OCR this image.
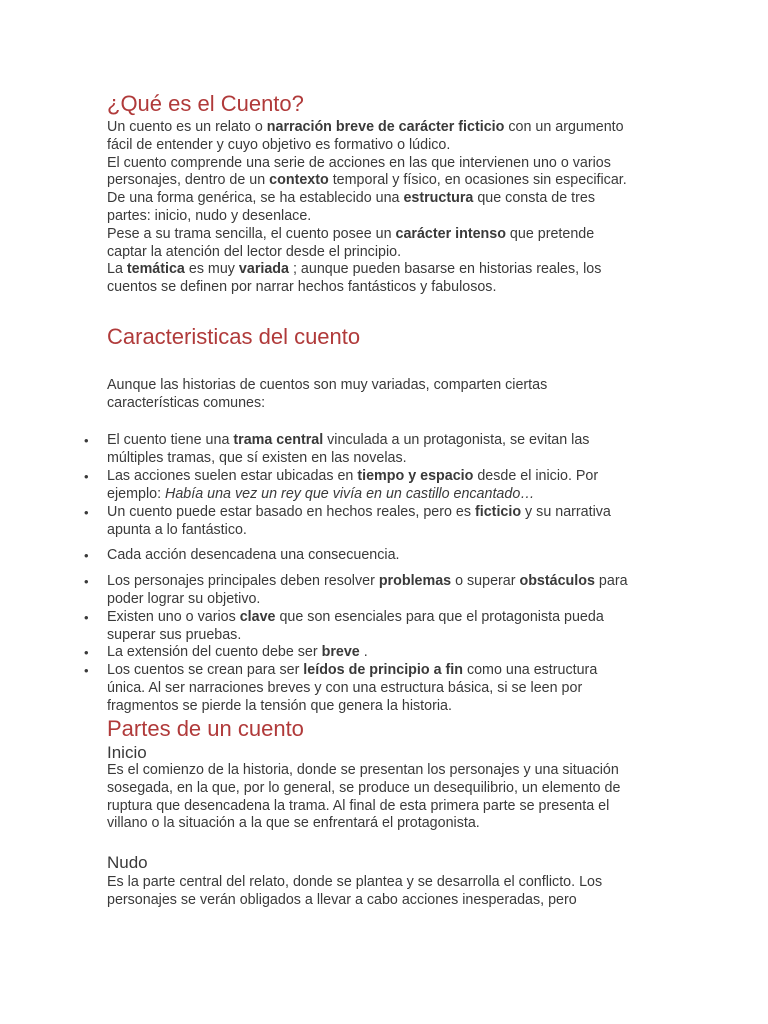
¿Qué es el Cuento?

Un cuento es un relato o narración breve de carácter ficticio con un argumento

fácil de entender y cuyo objetivo es formativo o lúdico.

El cuento comprende una serie de acciones en las que intervienen uno o varios

personajes, dentro de un contexto temporal y físico, en ocasiones sin especificar.

De una forma genérica, se ha establecido una estructura que consta de tres

partes: inicio, nudo y desenlace.

Pese a su trama sencilla, el cuento posee un carácter intenso que pretende

captar la atención del lector desde el principio.

La temática es muy variada ; aunque pueden basarse en historias reales, los

cuentos se definen por narrar hechos fantásticos y fabulosos.

Caracteristicas del cuento

Aunque las historias de cuentos son muy variadas, comparten ciertas

características comunes:

•	El cuento tiene una trama central vinculada a un protagonista, se evitan las

múltiples tramas, que sí existen en las novelas.

•	Las acciones suelen estar ubicadas en tiempo y espacio desde el inicio. Por

ejemplo: Había una vez un rey que vivía en un castillo encantado…

•	Un cuento puede estar basado en hechos reales, pero es ficticio y su narrativa

apunta a lo fantástico.

•	Cada acción desencadena una consecuencia.

•	Los personajes principales deben resolver problemas o superar obstáculos para

poder lograr su objetivo.

•	Existen uno o varios clave que son esenciales para que el protagonista pueda

superar sus pruebas.

•	La extensión del cuento debe ser breve .

•	Los cuentos se crean para ser leídos de principio a fin como una estructura

única. Al ser narraciones breves y con una estructura básica, si se leen por

fragmentos se pierde la tensión que genera la historia.

Partes de un cuento
Inicio

Es el comienzo de la historia, donde se presentan los personajes y una situación

sosegada, en la que, por lo general, se produce un desequilibrio, un elemento de

ruptura que desencadena la trama. Al final de esta primera parte se presenta el

villano o la situación a la que se enfrentará el protagonista.

Nudo

Es la parte central del relato, donde se plantea y se desarrolla el conflicto. Los

personajes se verán obligados a llevar a cabo acciones inesperadas, pero
